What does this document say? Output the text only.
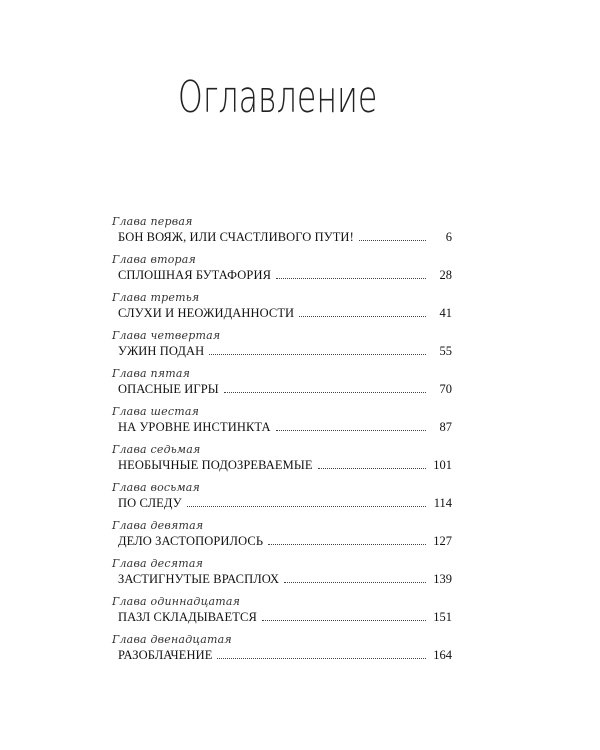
Оглавление
Глава первая
БОН ВОЯЖ, ИЛИ СЧАСТЛИВОГО ПУТИ!	6
Глава вторая
СПЛОШНАЯ БУТАФОРИЯ	28
Глава третья
СЛУХИ И НЕОЖИДАННОСТИ	41
Глава четвертая
УЖИН ПОДАН	55
Глава пятая
ОПАСНЫЕ ИГРЫ	70
Глава шестая
НА УРОВНЕ ИНСТИНКТА	87
Глава седьмая
НЕОБЫЧНЫЕ ПОДОЗРЕВАЕМЫЕ	101
Глава восьмая
ПО СЛЕДУ	114
Глава девятая
ДЕЛО ЗАСТОПОРИЛОСЬ	127
Глава десятая
ЗАСТИГНУТЫЕ ВРАСПЛОХ	139
Глава одиннадцатая
ПАЗЛ СКЛАДЫВАЕТСЯ	151
Глава двенадцатая
РАЗОБЛАЧЕНИЕ	164
